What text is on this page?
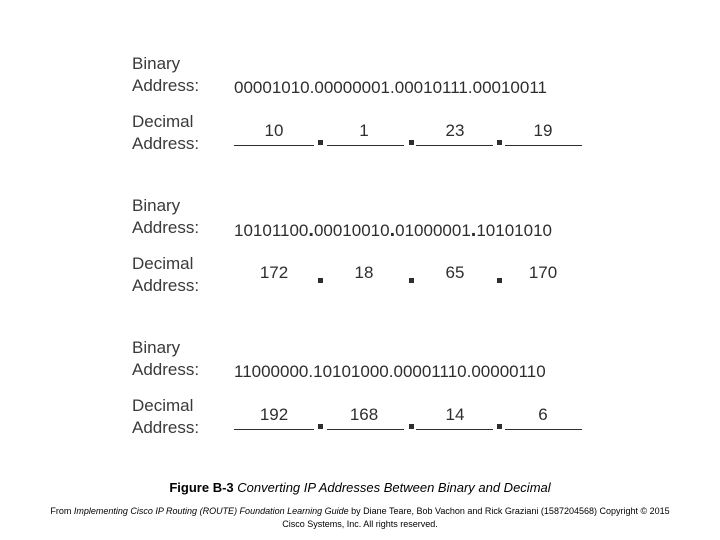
Binary
Address: 00001010.00000001.00010111.00010011
Decimal
Address:
10	1	23	19
Binary
Address: 10101100.00010010.01000001.10101010
Decimal
Address:
172	18	65	170
Binary
Address: 11000000.10101000.00001110.00000110
Decimal
Address:
192	168	14	6
Figure B-3 Converting IP Addresses Between Binary and Decimal
From Implementing Cisco IP Routing (ROUTE) Foundation Learning Guide by Diane Teare, Bob Vachon and Rick Graziani (1587204568) Copyright © 2015
Cisco Systems, Inc. All rights reserved.
